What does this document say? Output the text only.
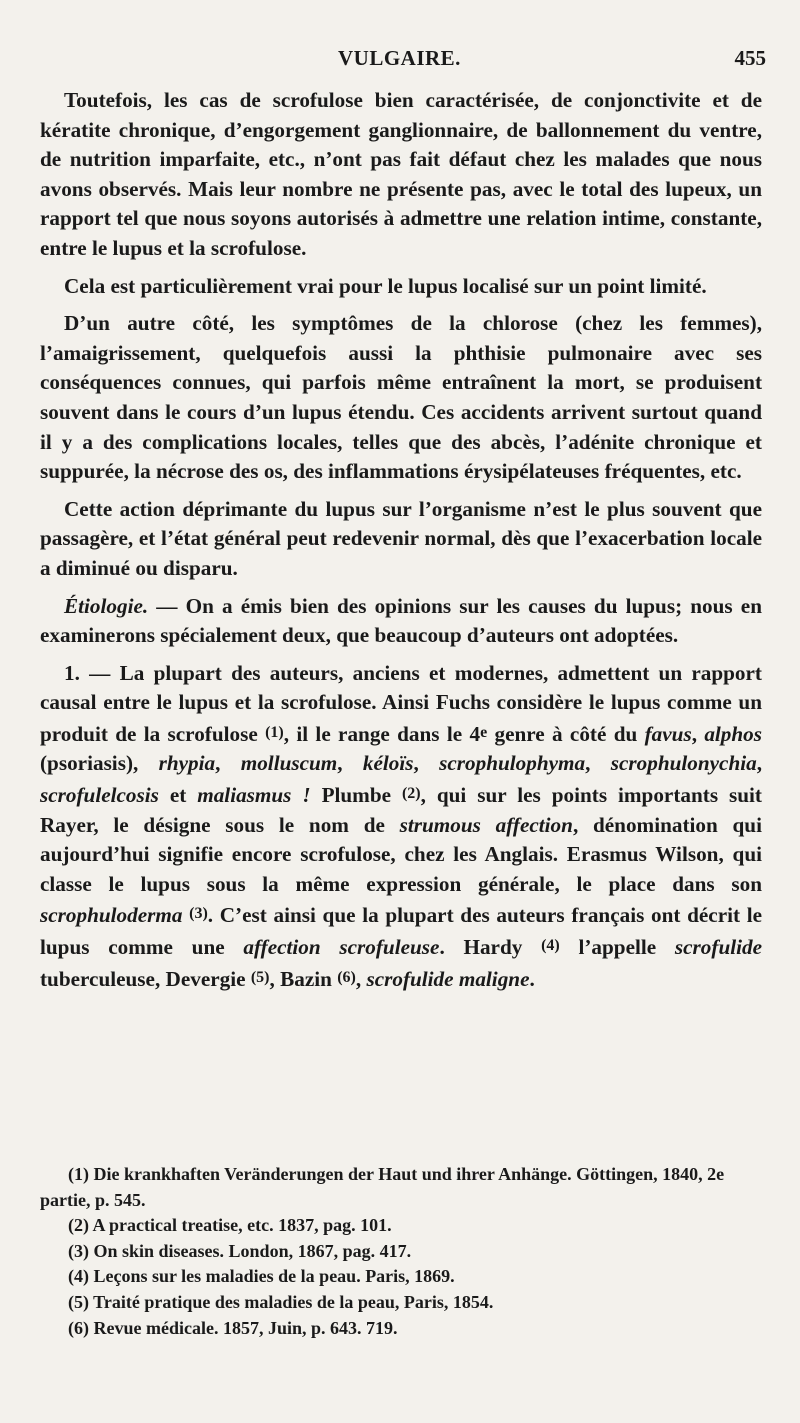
VULGAIRE.	455

Toutefois, les cas de scrofulose bien caractérisée, de conjonctivite et de kératite chronique, d’engorgement ganglionnaire, de ballonnement du ventre, de nutrition imparfaite, etc., n’ont pas fait défaut chez les malades que nous avons observés. Mais leur nombre ne présente pas, avec le total des lupeux, un rapport tel que nous soyons autorisés à admettre une relation intime, constante, entre le lupus et la scrofulose.

Cela est particulièrement vrai pour le lupus localisé sur un point limité.

D’un autre côté, les symptômes de la chlorose (chez les femmes), l’amaigrissement, quelquefois aussi la phthisie pulmonaire avec ses conséquences connues, qui parfois même entraînent la mort, se produisent souvent dans le cours d’un lupus étendu. Ces accidents arrivent surtout quand il y a des complications locales, telles que des abcès, l’adénite chronique et suppurée, la nécrose des os, des inflammations érysipélateuses fréquentes, etc.

Cette action déprimante du lupus sur l’organisme n’est le plus souvent que passagère, et l’état général peut redevenir normal, dès que l’exacerbation locale a diminué ou disparu.

Étiologie. — On a émis bien des opinions sur les causes du lupus; nous en examinerons spécialement deux, que beaucoup d’auteurs ont adoptées.

1. — La plupart des auteurs, anciens et modernes, admettent un rapport causal entre le lupus et la scrofulose. Ainsi Fuchs considère le lupus comme un produit de la scrofulose (1), il le range dans le 4e genre à côté du favus, alphos (psoriasis), rhypia, molluscum, kéloïs, scrophulophyma, scrophulonychia, scrofulelcosis et maliasmus ! Plumbe (2), qui sur les points importants suit Rayer, le désigne sous le nom de strumous affection, dénomination qui aujourd’hui signifie encore scrofulose, chez les Anglais. Erasmus Wilson, qui classe le lupus sous la même expression générale, le place dans son scrophuloderma (3). C’est ainsi que la plupart des auteurs français ont décrit le lupus comme une affection scrofuleuse. Hardy (4) l’appelle scrofulide tuberculeuse, Devergie (5), Bazin (6), scrofulide maligne.

(1) Die krankhaften Veränderungen der Haut und ihrer Anhänge. Göttingen, 1840, 2e partie, p. 545.

(2) A practical treatise, etc. 1837, pag. 101.

(3) On skin diseases. London, 1867, pag. 417.

(4) Leçons sur les maladies de la peau. Paris, 1869.

(5) Traité pratique des maladies de la peau, Paris, 1854.

(6) Revue médicale. 1857, Juin, p. 643. 719.
